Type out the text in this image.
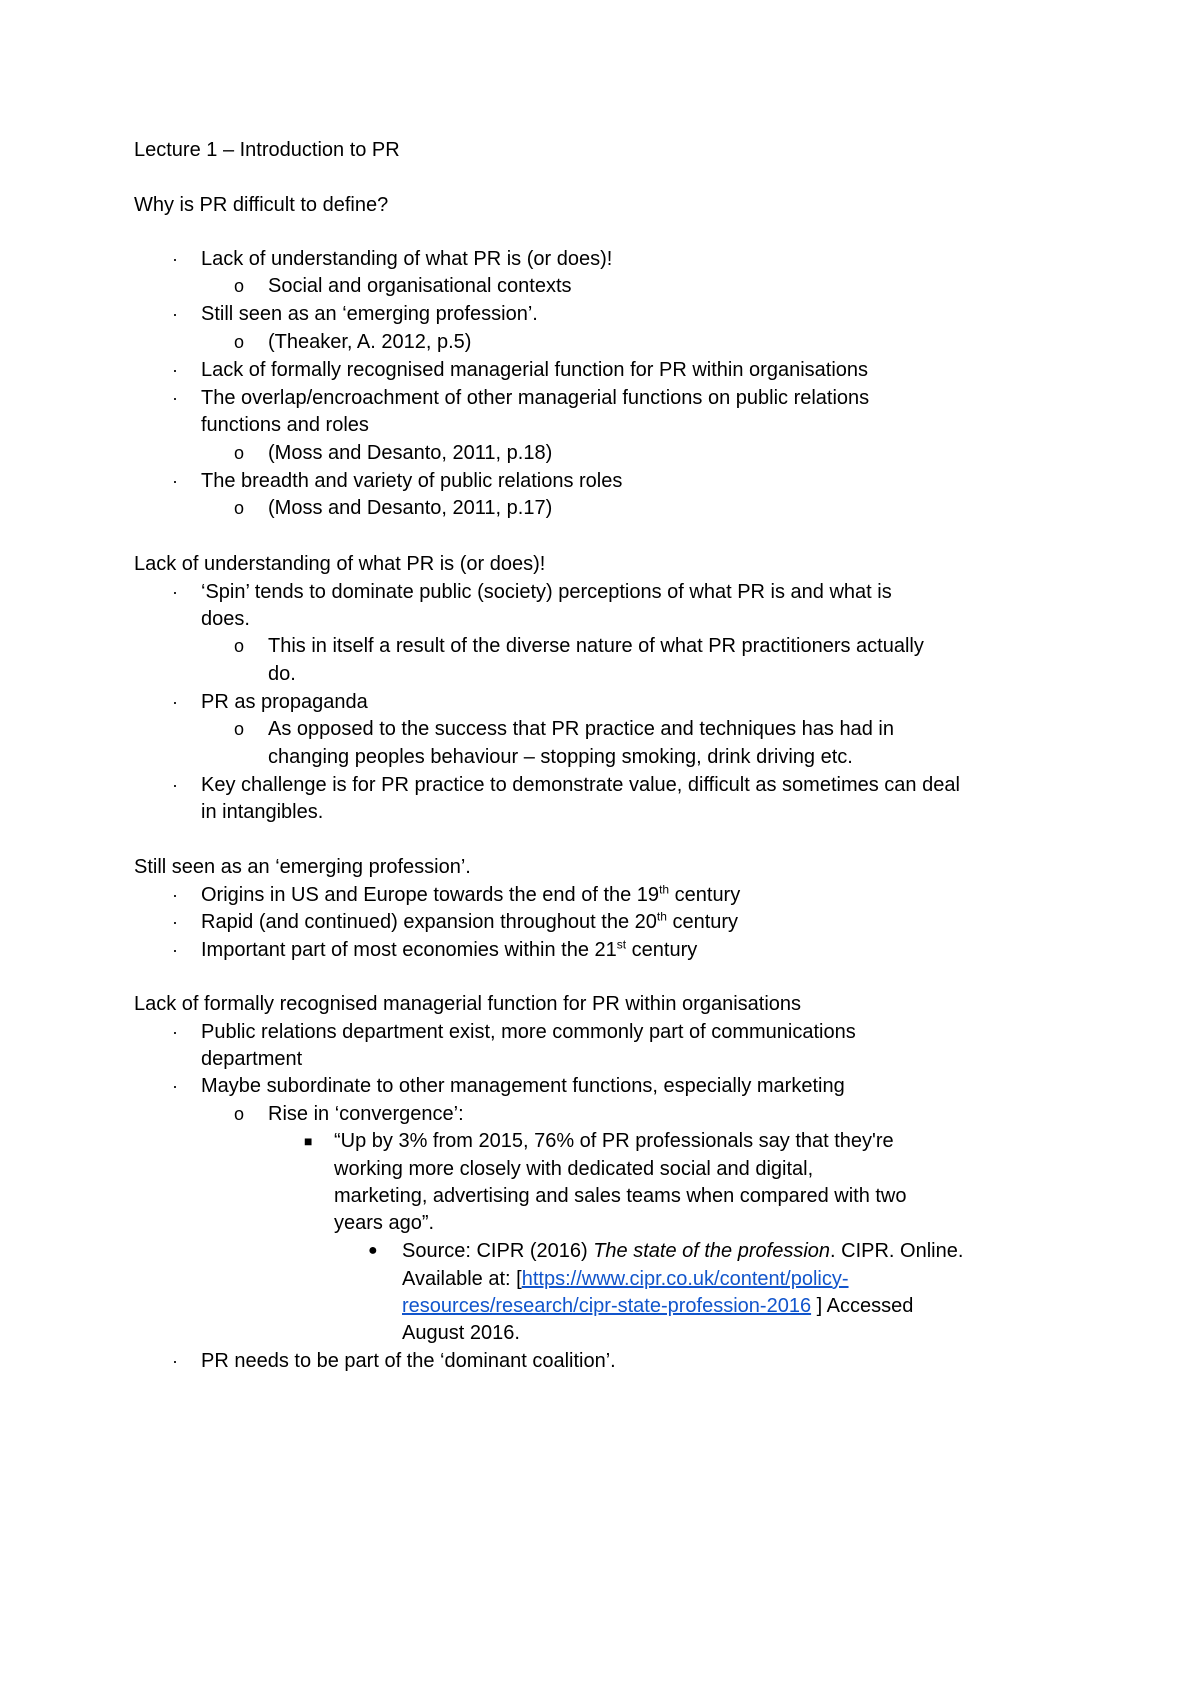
Lecture 1 – Introduction to PR
Why is PR difficult to define?
· Lack of understanding of what PR is (or does)!
o Social and organisational contexts
· Still seen as an ‘emerging profession’.
o (Theaker, A. 2012, p.5)
· Lack of formally recognised managerial function for PR within organisations
· The overlap/encroachment of other managerial functions on public relations
functions and roles
o (Moss and Desanto, 2011, p.18)
· The breadth and variety of public relations roles
o (Moss and Desanto, 2011, p.17)
Lack of understanding of what PR is (or does)!
· ‘Spin’ tends to dominate public (society) perceptions of what PR is and what is
does.
o This in itself a result of the diverse nature of what PR practitioners actually
do.
· PR as propaganda
o As opposed to the success that PR practice and techniques has had in
changing peoples behaviour – stopping smoking, drink driving etc.
· Key challenge is for PR practice to demonstrate value, difficult as sometimes can deal
in intangibles.
Still seen as an ‘emerging profession’.
· Origins in US and Europe towards the end of the 19th century
· Rapid (and continued) expansion throughout the 20th century
· Important part of most economies within the 21st century
Lack of formally recognised managerial function for PR within organisations
· Public relations department exist, more commonly part of communications
department
· Maybe subordinate to other management functions, especially marketing
o Rise in ‘convergence’:
■ “Up by 3% from 2015, 76% of PR professionals say that they're
working more closely with dedicated social and digital,
marketing, advertising and sales teams when compared with two
years ago”.
● Source: CIPR (2016) The state of the profession. CIPR. Online.
Available at: [https://www.cipr.co.uk/content/policy-
resources/research/cipr-state-profession-2016 ] Accessed
August 2016.
· PR needs to be part of the ‘dominant coalition’.
